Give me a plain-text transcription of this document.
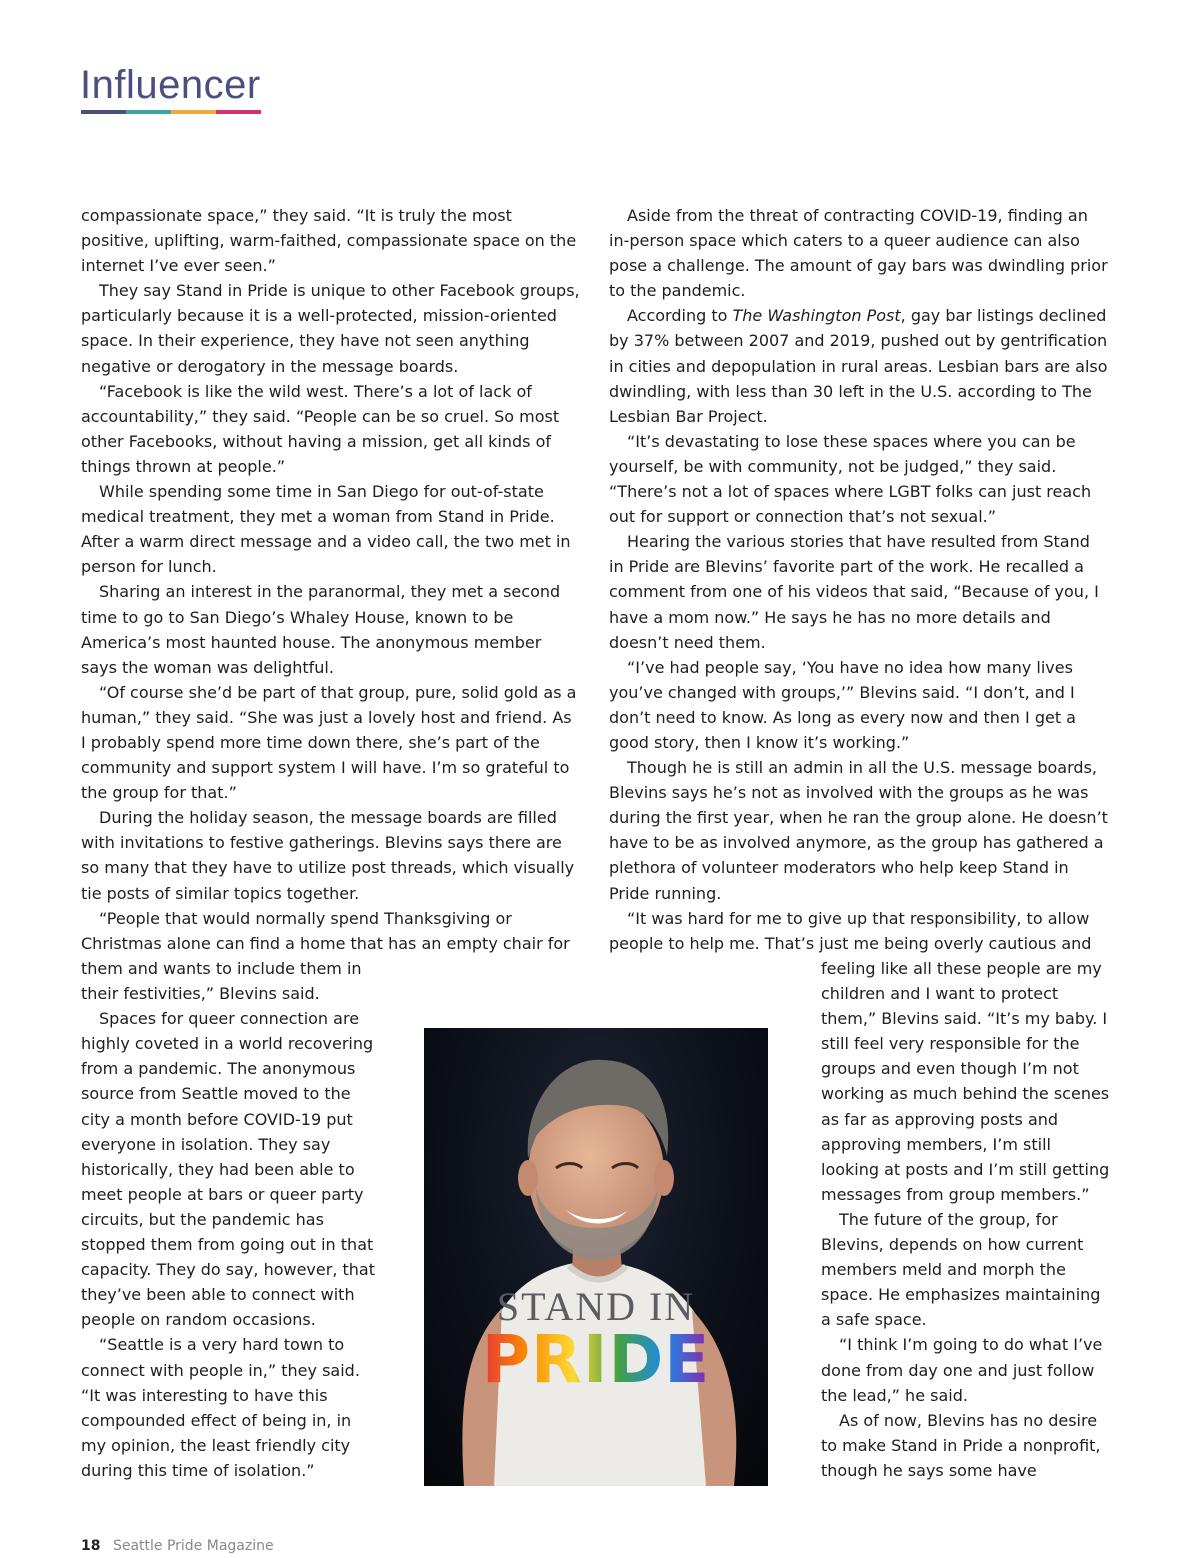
Influencer

compassionate space,” they said. “It is truly the most positive, uplifting, warm-faithed, compassionate space on the internet I’ve ever seen.”

They say Stand in Pride is unique to other Facebook groups, particularly because it is a well-protected, mission-oriented space. In their experience, they have not seen anything negative or derogatory in the message boards.

“Facebook is like the wild west. There’s a lot of lack of accountability,” they said. “People can be so cruel. So most other Facebooks, without having a mission, get all kinds of things thrown at people.”

While spending some time in San Diego for out-of-state medical treatment, they met a woman from Stand in Pride. After a warm direct message and a video call, the two met in person for lunch.

Sharing an interest in the paranormal, they met a second time to go to San Diego’s Whaley House, known to be America’s most haunted house. The anonymous member says the woman was delightful.

“Of course she’d be part of that group, pure, solid gold as a human,” they said. “She was just a lovely host and friend. As I probably spend more time down there, she’s part of the community and support system I will have. I’m so grateful to the group for that.”

During the holiday season, the message boards are filled with invitations to festive gatherings. Blevins says there are so many that they have to utilize post threads, which visually tie posts of similar topics together.

“People that would normally spend Thanksgiving or Christmas alone can find a home that has an empty chair for

them and wants to include them in their festivities,” Blevins said.

Spaces for queer connection are highly coveted in a world recovering from a pandemic. The anonymous source from Seattle moved to the city a month before COVID-19 put everyone in isolation. They say historically, they had been able to meet people at bars or queer party circuits, but the pandemic has stopped them from going out in that capacity. They do say, however, that they’ve been able to connect with people on random occasions.

“Seattle is a very hard town to connect with people in,” they said. “It was interesting to have this compounded effect of being in, in my opinion, the least friendly city during this time of isolation.”

Aside from the threat of contracting COVID-19, finding an in-person space which caters to a queer audience can also pose a challenge. The amount of gay bars was dwindling prior to the pandemic.

According to The Washington Post, gay bar listings declined by 37% between 2007 and 2019, pushed out by gentrification in cities and depopulation in rural areas. Lesbian bars are also dwindling, with less than 30 left in the U.S. according to The Lesbian Bar Project.

“It’s devastating to lose these spaces where you can be yourself, be with community, not be judged,” they said. “There’s not a lot of spaces where LGBT folks can just reach out for support or connection that’s not sexual.”

Hearing the various stories that have resulted from Stand in Pride are Blevins’ favorite part of the work. He recalled a comment from one of his videos that said, “Because of you, I have a mom now.” He says he has no more details and doesn’t need them.

“I’ve had people say, ‘You have no idea how many lives you’ve changed with groups,’” Blevins said. “I don’t, and I don’t need to know. As long as every now and then I get a good story, then I know it’s working.”

Though he is still an admin in all the U.S. message boards, Blevins says he’s not as involved with the groups as he was during the first year, when he ran the group alone. He doesn’t have to be as involved anymore, as the group has gathered a plethora of volunteer moderators who help keep Stand in Pride running.

“It was hard for me to give up that responsibility, to allow people to help me. That’s just me being overly cautious and

feeling like all these people are my children and I want to protect them,” Blevins said. “It’s my baby. I still feel very responsible for the groups and even though I’m not working as much behind the scenes as far as approving posts and approving members, I’m still looking at posts and I’m still getting messages from group members.”

The future of the group, for Blevins, depends on how current members meld and morph the space. He emphasizes maintaining a safe space.

“I think I’m going to do what I’ve done from day one and just follow the lead,” he said.

As of now, Blevins has no desire to make Stand in Pride a nonprofit, though he says some have

STAND IN
PRIDE
18 Seattle Pride Magazine
